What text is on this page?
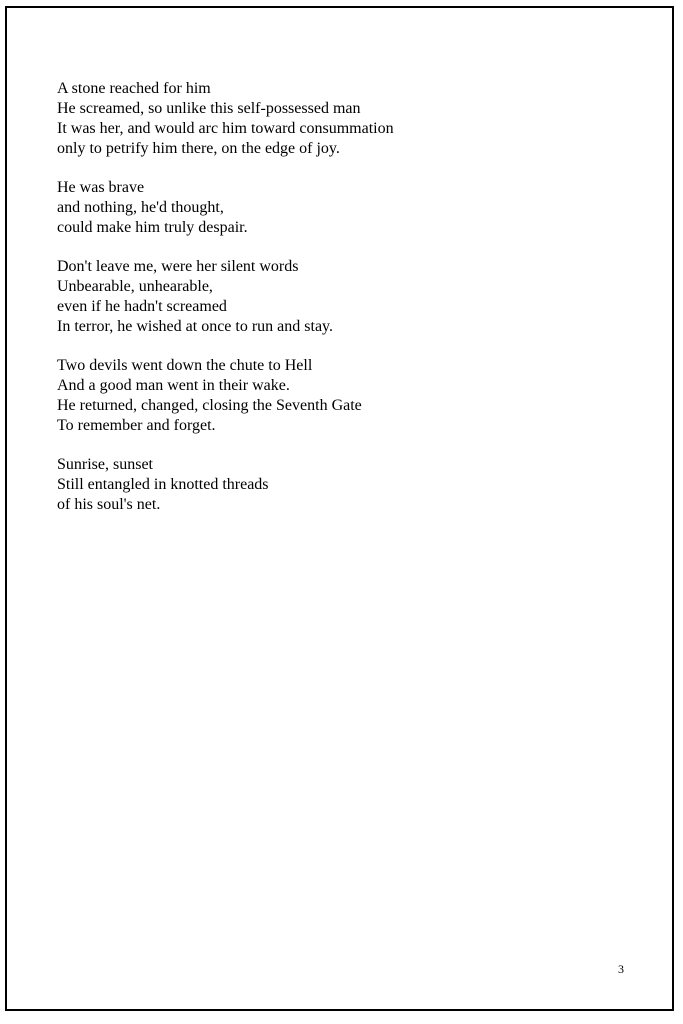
A stone reached for him
He screamed, so unlike this self-possessed man
It was her, and would arc him toward consummation
only to petrify him there, on the edge of joy.
He was brave
and nothing, he'd thought,
could make him truly despair.
Don't leave me, were her silent words
Unbearable, unhearable,
even if he hadn't screamed
In terror, he wished at once to run and stay.
Two devils went down the chute to Hell
And a good man went in their wake.
He returned, changed, closing the Seventh Gate
To remember and forget.
Sunrise, sunset
Still entangled in knotted threads
of his soul's net.
3
